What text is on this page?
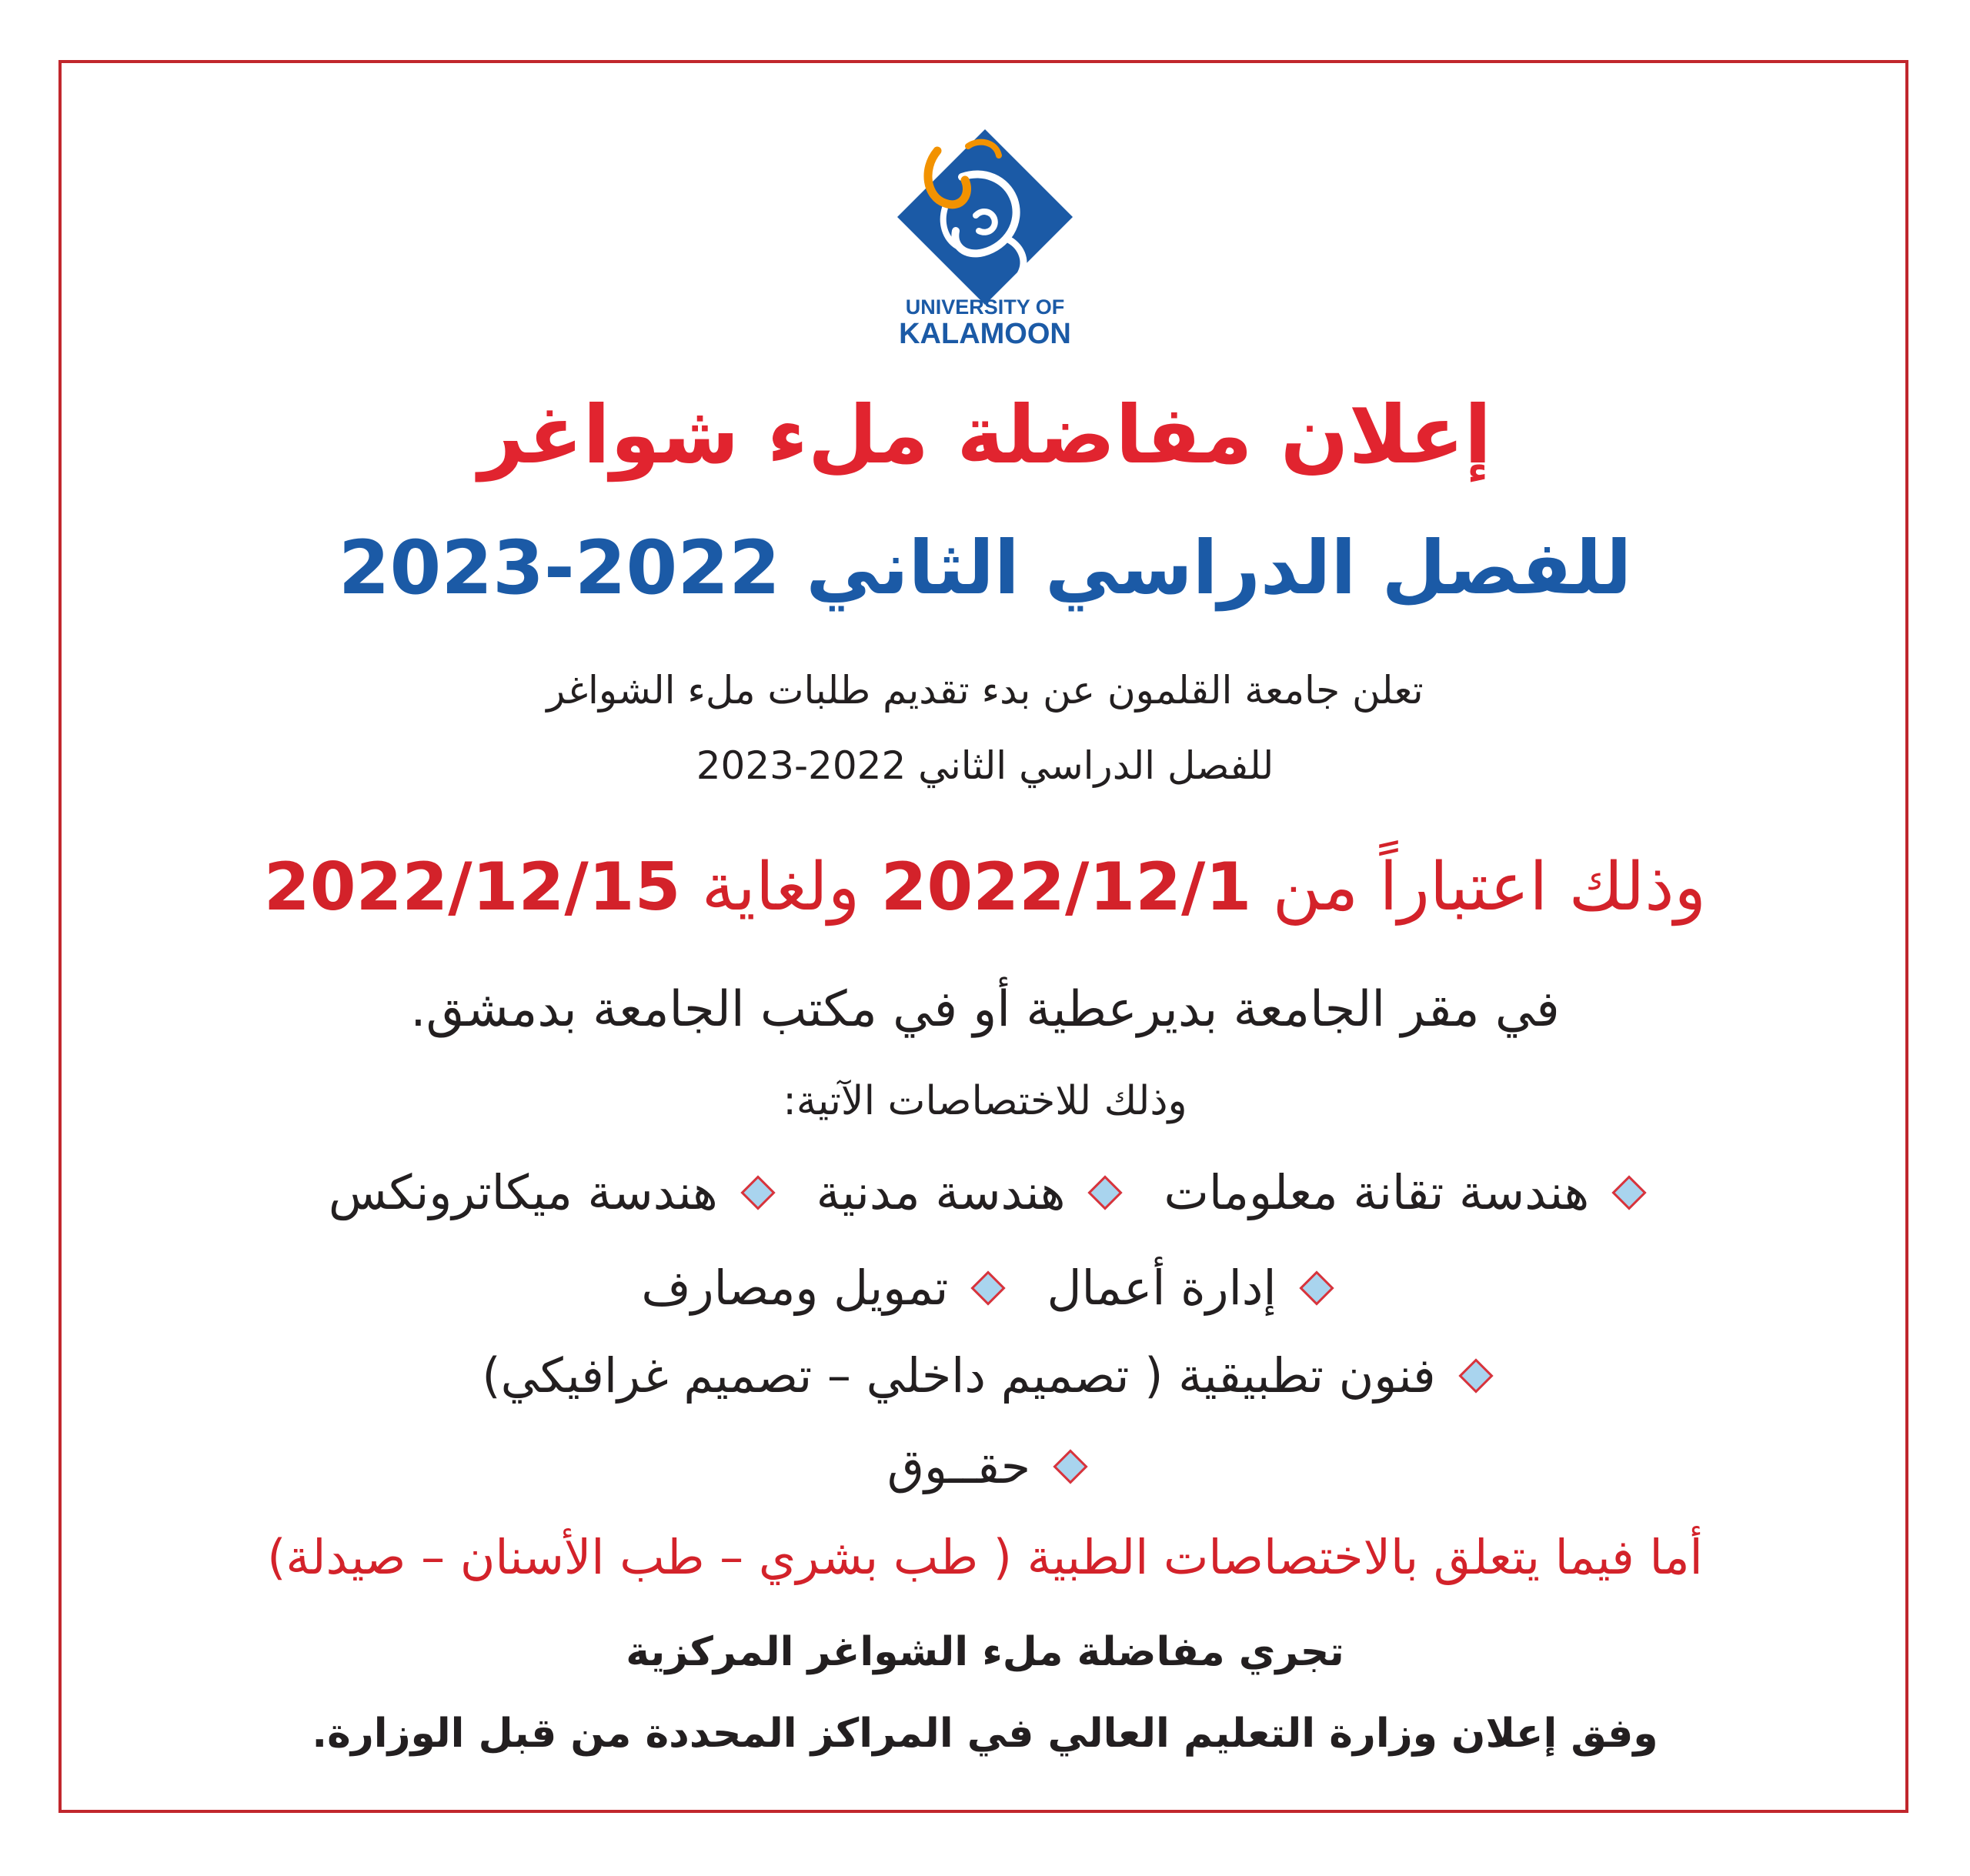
UNIVERSITY OF
KALAMOON
إعلان مفاضلة ملء شواغر
للفصل الدراسي الثاني 2022-2023
تعلن جامعة القلمون عن بدء تقديم طلبات ملء الشواغر
للفصل الدراسي الثاني 2022-2023
وذلك اعتباراً من 2022/12/1 ولغاية 2022/12/15
في مقر الجامعة بديرعطية أو في مكتب الجامعة بدمشق.
وذلك للاختصاصات الآتية:
هندسة تقانة معلومات
هندسة مدنية
هندسة ميكاترونكس
إدارة أعمال
تمويل ومصارف
فنون تطبيقية ( تصميم داخلي – تصميم غرافيكي)
حقــوق
أما فيما يتعلق بالاختصاصات الطبية ( طب بشري – طب الأسنان – صيدلة)
تجري مفاضلة ملء الشواغر المركزية
وفق إعلان وزارة التعليم العالي في المراكز المحددة من قبل الوزارة.
